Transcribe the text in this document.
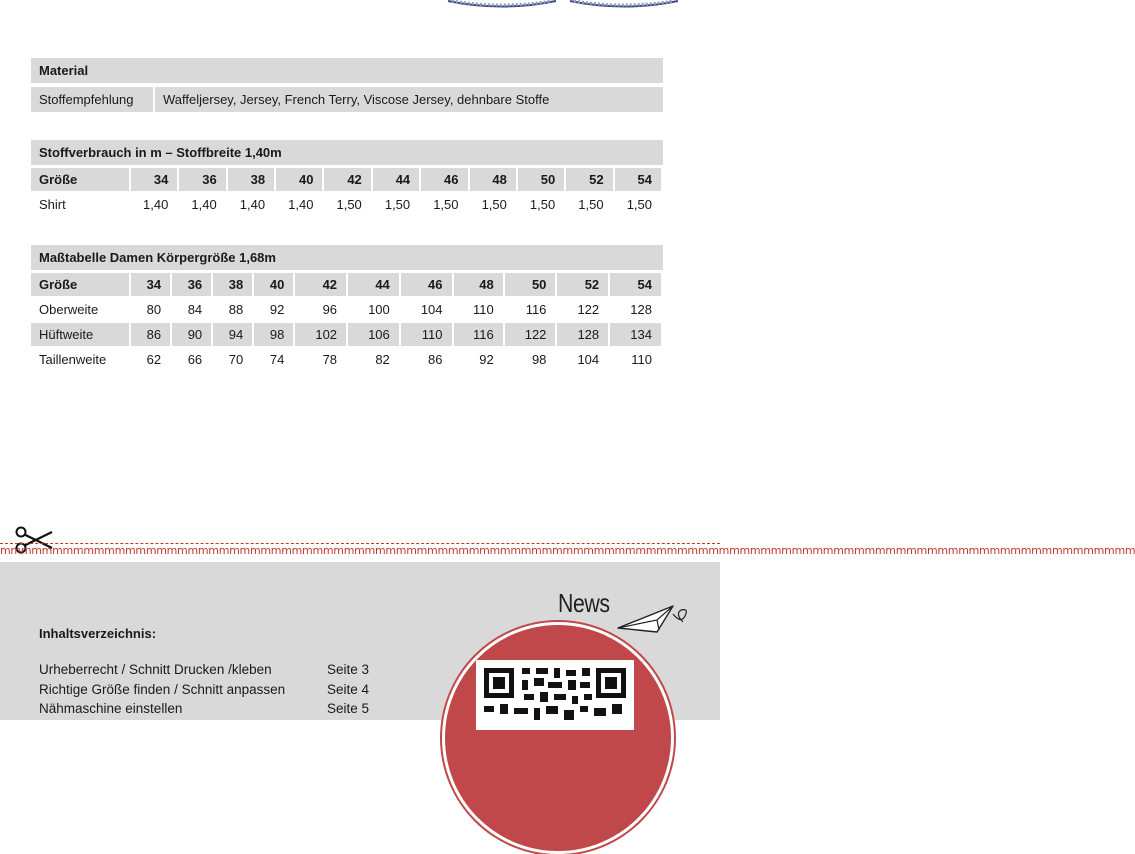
Material

Stoffempfehlung	Waffeljersey, Jersey, French Terry, Viscose Jersey, dehnbare Stoffe
Stoffverbrauch in m – Stoffbreite 1,40m											

Größe	34	36	38	40	42	44	46	48	50	52	54
Shirt	1,40	1,40	1,40	1,40	1,50	1,50	1,50	1,50	1,50	1,50	1,50
Maßtabelle Damen Körpergröße 1,68m											

Größe	34	36	38	40	42	44	46	48	50	52	54
Oberweite	80	84	88	92	96	100	104	110	116	122	128
Hüftweite	86	90	94	98	102	106	110	116	122	128	134
Taillenweite	62	66	70	74	78	82	86	92	98	104	110
mmmmmmmmmmmmmmmmmmmmmmmmmmmmmmmmmmmmmmmmmmmmmmmmmmmmmmmmmmmmmmmmmmmmmmmmmmmmmmmmmmmmmmmmmmmmmmmmmmmmmmmmmmmmm
Inhaltsverzeichnis:
Urheberrecht / Schnitt Drucken /kleben	Seite 3
Richtige Größe finden / Schnitt anpassen	Seite 4
Nähmaschine einstellen	Seite 5
News
